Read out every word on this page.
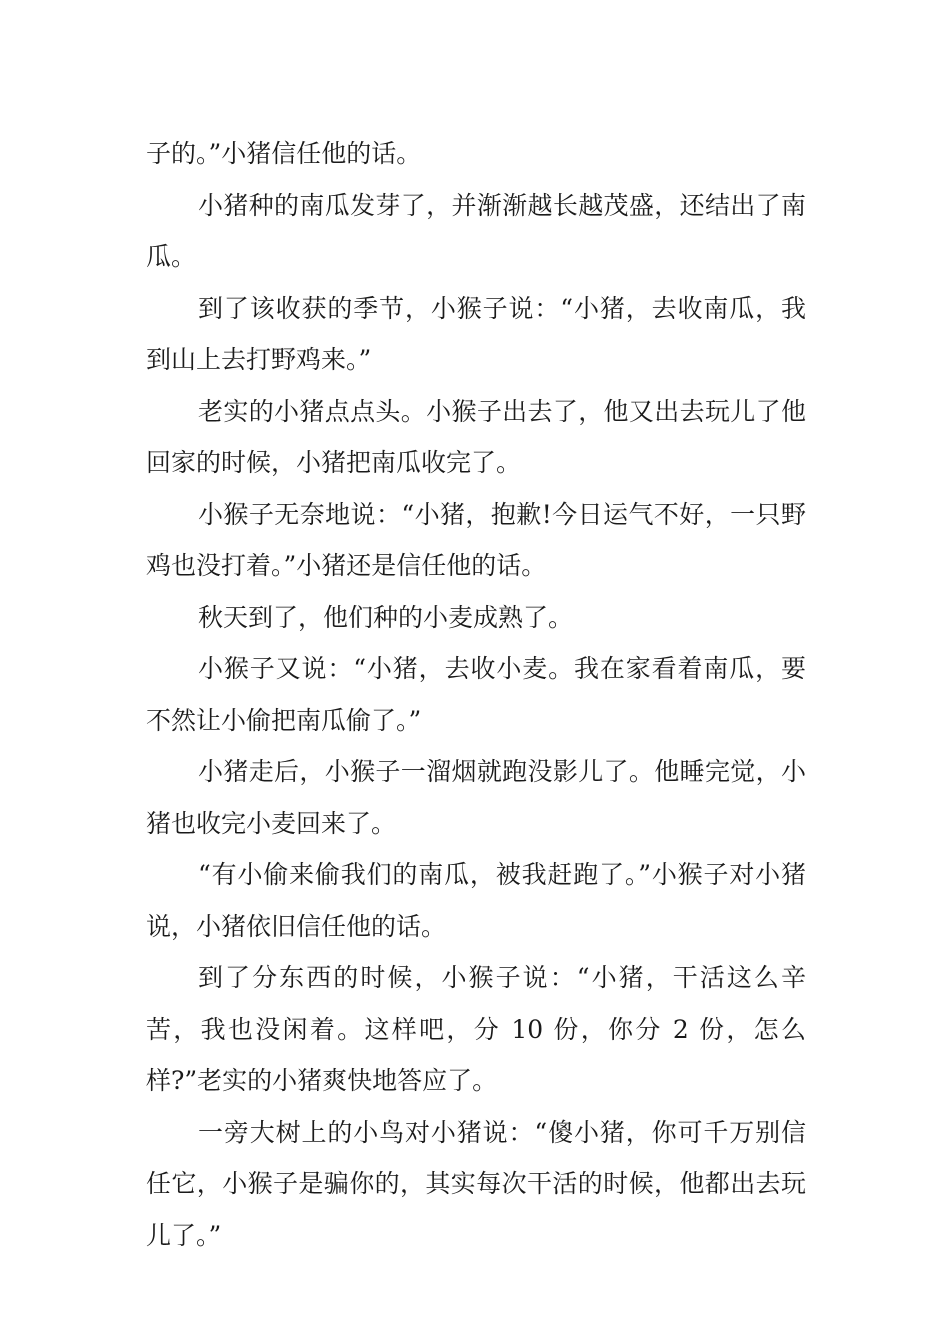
子的。”小猪信任他的话。

小猪种的南瓜发芽了，并渐渐越长越茂盛，还结出了南瓜。

到了该收获的季节，小猴子说：“小猪，去收南瓜，我到山上去打野鸡来。”

老实的小猪点点头。小猴子出去了，他又出去玩儿了他回家的时候，小猪把南瓜收完了。

小猴子无奈地说：“小猪，抱歉!今日运气不好，一只野鸡也没打着。”小猪还是信任他的话。

秋天到了，他们种的小麦成熟了。

小猴子又说：“小猪，去收小麦。我在家看着南瓜，要不然让小偷把南瓜偷了。”

小猪走后，小猴子一溜烟就跑没影儿了。他睡完觉，小猪也收完小麦回来了。

“有小偷来偷我们的南瓜，被我赶跑了。”小猴子对小猪说，小猪依旧信任他的话。

到了分东西的时候，小猴子说：“小猪，干活这么辛苦，我也没闲着。这样吧，分 10 份，你分 2 份，怎么样?”老实的小猪爽快地答应了。

一旁大树上的小鸟对小猪说：“傻小猪，你可千万别信任它，小猴子是骗你的，其实每次干活的时候，他都出去玩儿了。”
